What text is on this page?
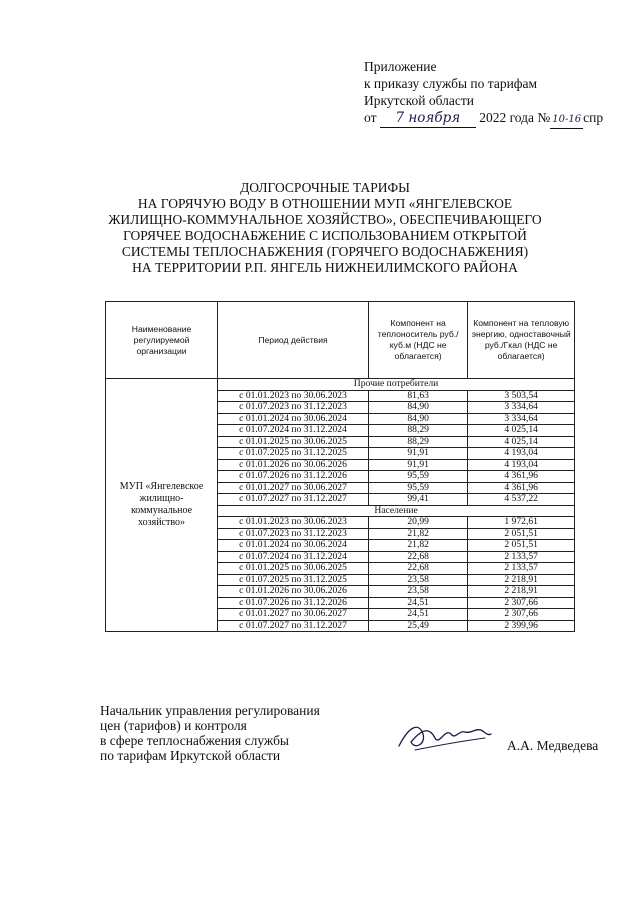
Приложение
к приказу службы по тарифам
Иркутской области
от 7 ноября 2022 года № 10-16 спр
ДОЛГОСРОЧНЫЕ ТАРИФЫ
НА ГОРЯЧУЮ ВОДУ В ОТНОШЕНИИ МУП «ЯНГЕЛЕВСКОЕ
ЖИЛИЩНО-КОММУНАЛЬНОЕ ХОЗЯЙСТВО», ОБЕСПЕЧИВАЮЩЕГО
ГОРЯЧЕЕ ВОДОСНАБЖЕНИЕ С ИСПОЛЬЗОВАНИЕМ ОТКРЫТОЙ
СИСТЕМЫ ТЕПЛОСНАБЖЕНИЯ (ГОРЯЧЕГО ВОДОСНАБЖЕНИЯ)
НА ТЕРРИТОРИИ Р.П. ЯНГЕЛЬ НИЖНЕИЛИМСКОГО РАЙОНА
Наименование регулируемой организации	Период действия	Компонент на теплоноситель руб./куб.м (НДС не облагается)	Компонент на тепловую энергию, одноставочный руб./Гкал (НДС не облагается)
МУП «Янгелевское жилищно-коммунальное хозяйство»	Прочие потребители		
	с 01.01.2023 по 30.06.2023	81,63	3 503,54
	с 01.07.2023 по 31.12.2023	84,90	3 334,64
	с 01.01.2024 по 30.06.2024	84,90	3 334,64
	с 01.07.2024 по 31.12.2024	88,29	4 025,14
	с 01.01.2025 по 30.06.2025	88,29	4 025,14
	с 01.07.2025 по 31.12.2025	91,91	4 193,04
	с 01.01.2026 по 30.06.2026	91,91	4 193,04
	с 01.07.2026 по 31.12.2026	95,59	4 361,96
	с 01.01.2027 по 30.06.2027	95,59	4 361,96
	с 01.07.2027 по 31.12.2027	99,41	4 537,22
	Население		
	с 01.01.2023 по 30.06.2023	20,99	1 972,61
	с 01.07.2023 по 31.12.2023	21,82	2 051,51
	с 01.01.2024 по 30.06.2024	21,82	2 051,51
	с 01.07.2024 по 31.12.2024	22,68	2 133,57
	с 01.01.2025 по 30.06.2025	22,68	2 133,57
	с 01.07.2025 по 31.12.2025	23,58	2 218,91
	с 01.01.2026 по 30.06.2026	23,58	2 218,91
	с 01.07.2026 по 31.12.2026	24,51	2 307,66
	с 01.01.2027 по 30.06.2027	24,51	2 307,66
	с 01.07.2027 по 31.12.2027	25,49	2 399,96
Начальник управления регулирования
цен (тарифов) и контроля
в сфере теплоснабжения службы
по тарифам Иркутской области
А.А. Медведева
